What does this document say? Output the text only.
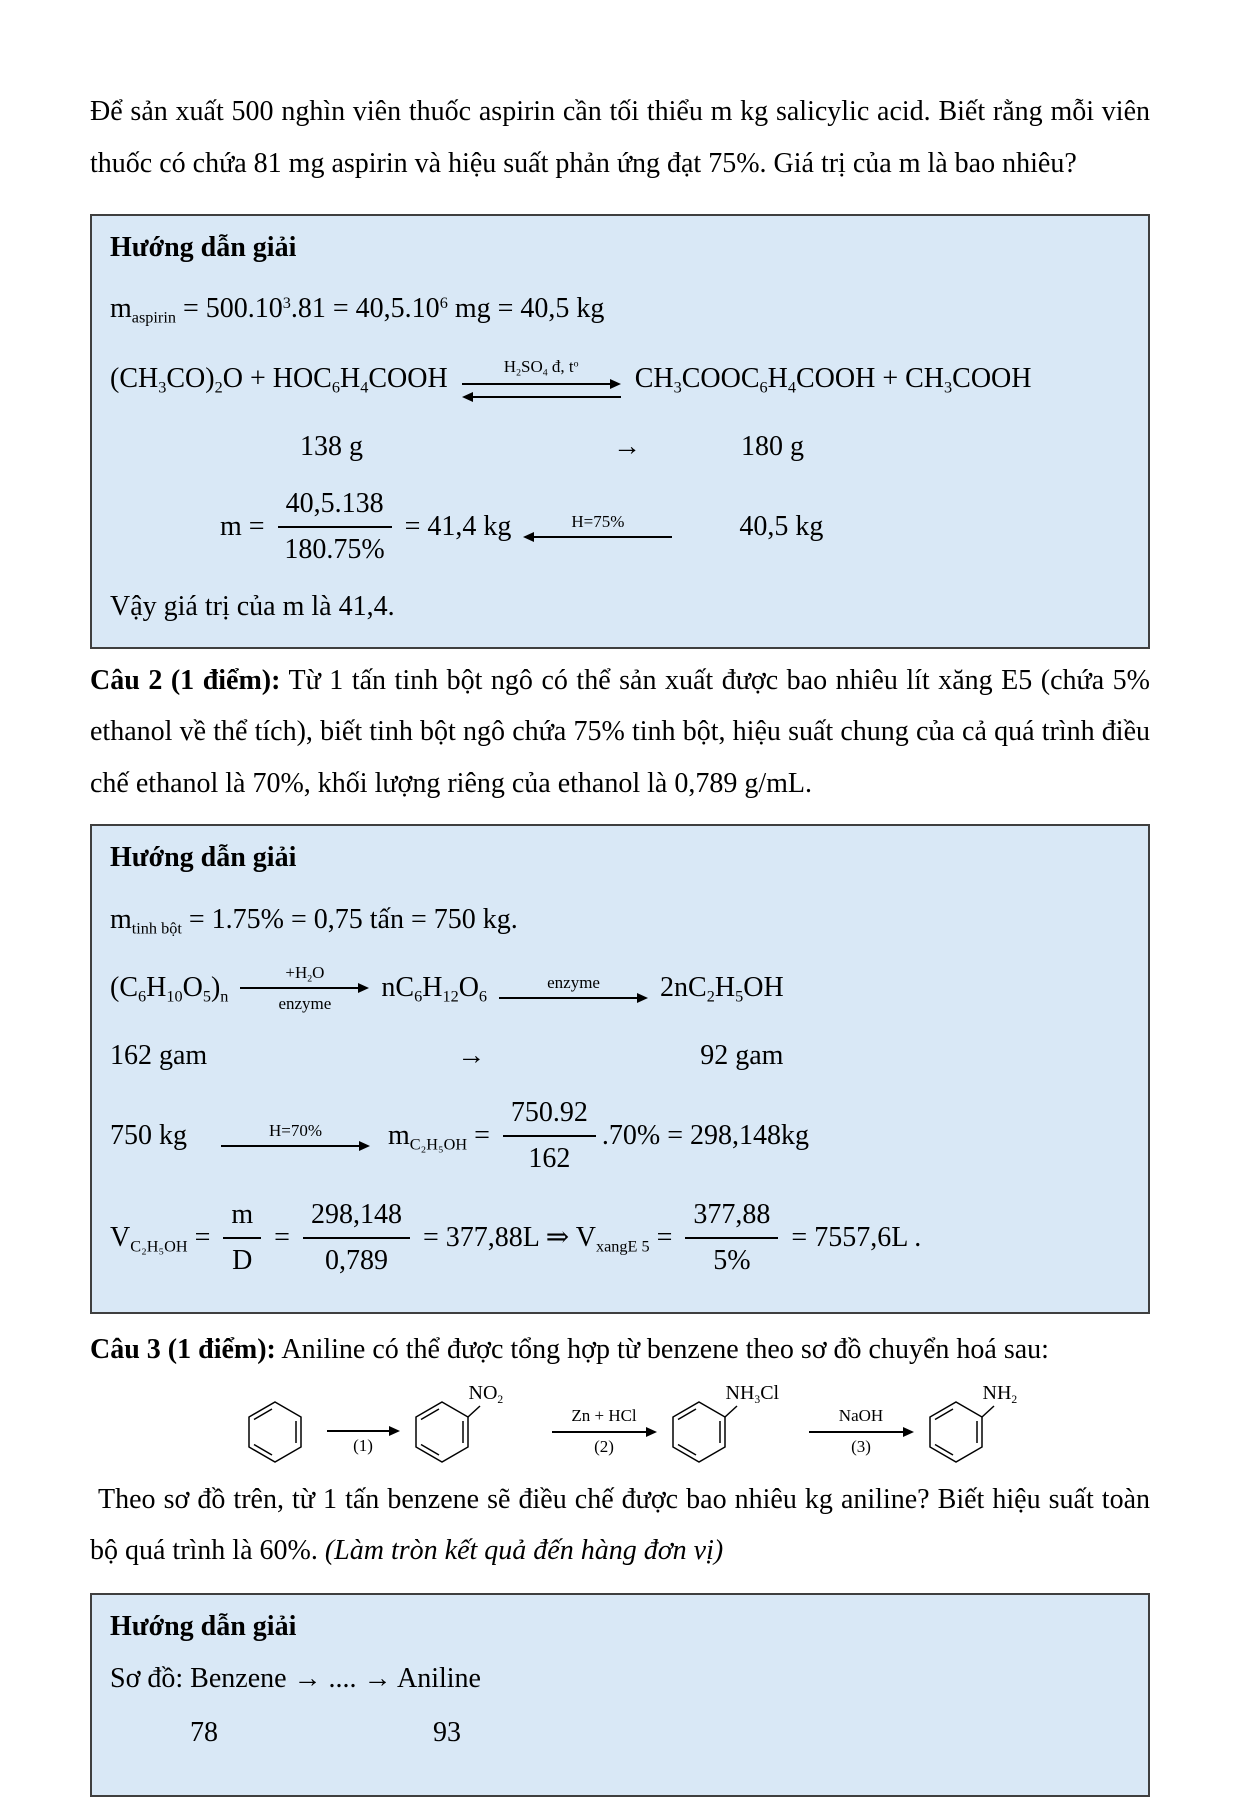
Để sản xuất 500 nghìn viên thuốc aspirin cần tối thiểu m kg salicylic acid. Biết rằng mỗi viên thuốc có chứa 81 mg aspirin và hiệu suất phản ứng đạt 75%. Giá trị của m là bao nhiêu?

Hướng dẫn giải

$m_{aspirin} = 500.10^3.81 = 40,5.10^6$ mg = 40,5 kg
$(CH_3CO)_2O$ + $HOC_6H_4COOH$	$H_2SO_4$ đ, $t^o$ $CH_3COOC_6H_4COOH$ + $CH_3COOH$
138 g	→	180 g
$m = \frac{40,5.138}{180.75\%} = 41,4$ kg	H=75%	40,5 kg

Vậy giá trị của m là 41,4.

Câu 2 (1 điểm): Từ 1 tấn tinh bột ngô có thể sản xuất được bao nhiêu lít xăng E5 (chứa 5% ethanol về thể tích), biết tinh bột ngô chứa 75% tinh bột, hiệu suất chung của cả quá trình điều chế ethanol là 70%, khối lượng riêng của ethanol là 0,789 g/mL.

Hướng dẫn giải

$m_{tinh bột} = 1.75\% = 0,75$ tấn = 750 kg.
$(C_6H_{10}O_5)_n$
$+H_2O$
enzyme
$nC_6H_{12}O_6$
enzyme $2nC_2H_5OH$
162 gam	→	92 gam
750 kg	H=70% $m_{C_2H_5OH} = \frac{750.92}{162} .70\% = 298,148kg$
$V_{C_2H_5OH} = \frac{m}{D} = \frac{298,148}{0,789} = 377,88L$ ⇒ $V_{xangE 5} = \frac{377,88}{5\%} = 7557,6L$ .

Câu 3 (1 điểm): Aniline có thể được tổng hợp từ benzene theo sơ đồ chuyển hoá sau:

(1)
$NO_2$
Zn + HCl
(2)
$NH_3Cl$
NaOH
(3)
$NH_2$

Theo sơ đồ trên, từ 1 tấn benzene sẽ điều chế được bao nhiêu kg aniline? Biết hiệu suất toàn bộ quá trình là 60%. (Làm tròn kết quả đến hàng đơn vị)

Hướng dẫn giải

Sơ đồ: Benzene → .... → Aniline

78	93
